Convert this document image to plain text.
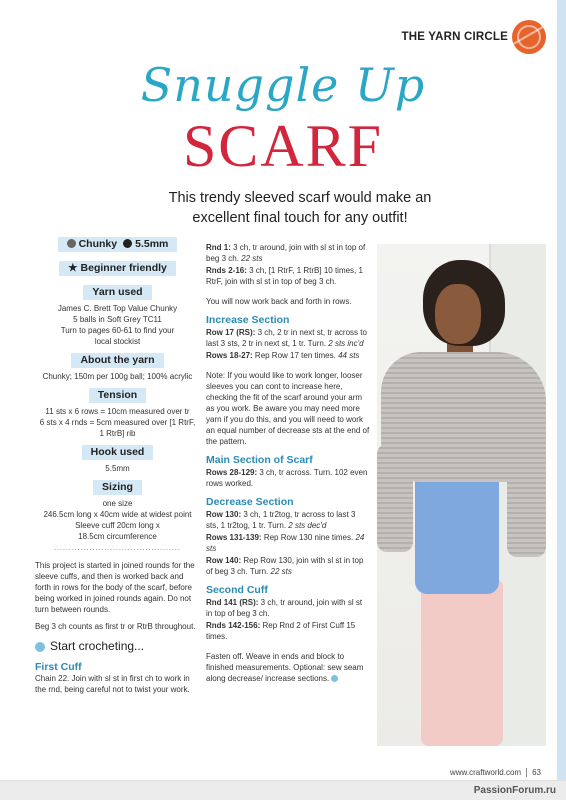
THE YARN CIRCLE
Snuggle Up
SCARF
This trendy sleeved scarf would make an excellent final touch for any outfit!
Chunky 5.5mm
★ Beginner friendly
Yarn used
James C. Brett Top Value Chunky
5 balls in Soft Grey TC11
Turn to pages 60-61 to find your
local stockist
About the yarn
Chunky; 150m per 100g ball; 100% acrylic
Tension
11 sts x 6 rows = 10cm measured over tr
6 sts x 4 rnds = 5cm measured over [1 RtrF,
1 RtrB] rib
Hook used
5.5mm
Sizing
one size
246.5cm long x 40cm wide at widest point
Sleeve cuff 20cm long x
18.5cm circumference
...........................................
This project is started in joined rounds for the sleeve cuffs, and then is worked back and forth in rows for the body of the scarf, before being worked in joined rounds again. Do not turn between rounds.
Beg 3 ch counts as first tr or RtrB throughout.
Start crocheting...
First Cuff
Chain 22. Join with sl st in first ch to work in the rnd, being careful not to twist your work.

Rnd 1: 3 ch, tr around, join with sl st in top of beg 3 ch. 22 sts

Rnds 2-16: 3 ch, [1 RtrF, 1 RtrB] 10 times, 1 RtrF, join with sl st in top of beg 3 ch.

You will now work back and forth in rows.

Increase Section

Row 17 (RS): 3 ch, 2 tr in next st, tr across to last 3 sts, 2 tr in next st, 1 tr. Turn. 2 sts inc'd

Rows 18-27: Rep Row 17 ten times. 44 sts

Note: If you would like to work longer, looser sleeves you can cont to increase here, checking the fit of the scarf around your arm as you work. Be aware you may need more yarn if you do this, and you will need to work an equal number of decrease sts at the end of the pattern.

Main Section of Scarf

Rows 28-129: 3 ch, tr across. Turn. 102 even rows worked.

Decrease Section

Row 130: 3 ch, 1 tr2tog, tr across to last 3 sts, 1 tr2tog, 1 tr. Turn. 2 sts dec'd

Rows 131-139: Rep Row 130 nine times. 24 sts

Row 140: Rep Row 130, join with sl st in top of beg 3 ch. Turn. 22 sts

Second Cuff

Rnd 141 (RS): 3 ch, tr around, join with sl st in top of beg 3 ch.

Rnds 142-156: Rep Rnd 2 of First Cuff 15 times.

Fasten off. Weave in ends and block to finished measurements. Optional: sew seam along decrease/ increase sections.

www.craftworld.com 63
PassionForum.ru
